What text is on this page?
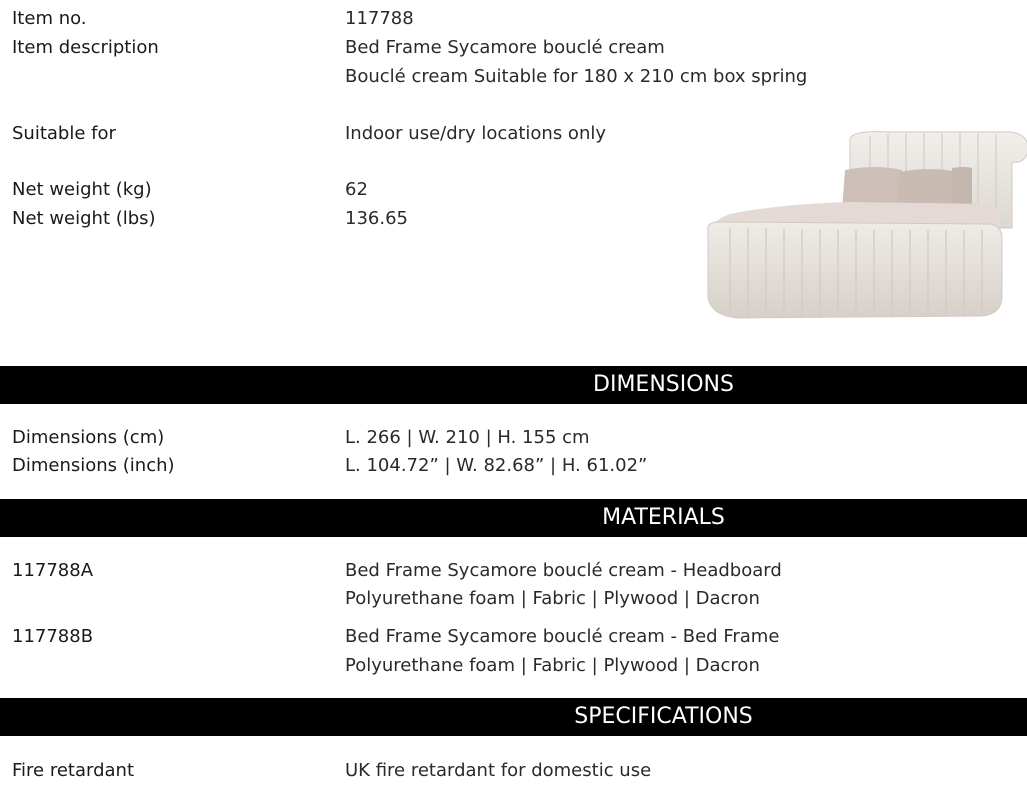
Item no.	117788
Item description	Bed Frame Sycamore bouclé cream
Bouclé cream Suitable for 180 x 210 cm box spring
Suitable for	Indoor use/dry locations only
Net weight (kg)	62
Net weight (lbs)	136.65
DIMENSIONS
Dimensions (cm)	L. 266 | W. 210 | H. 155 cm
Dimensions (inch)	L. 104.72” | W. 82.68” | H. 61.02”
MATERIALS
117788A	Bed Frame Sycamore bouclé cream - Headboard
Polyurethane foam | Fabric | Plywood | Dacron
117788B	Bed Frame Sycamore bouclé cream - Bed Frame
Polyurethane foam | Fabric | Plywood | Dacron
SPECIFICATIONS
Fire retardant	UK fire retardant for domestic use
